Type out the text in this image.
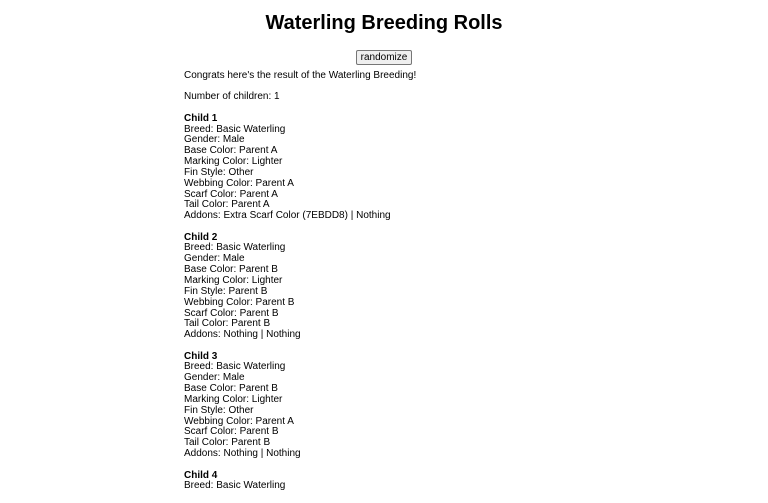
Waterling Breeding Rolls
randomize

Congrats here's the result of the Waterling Breeding!

Number of children: 1

Child 1
Breed: Basic Waterling
Gender: Male
Base Color: Parent A
Marking Color: Lighter
Fin Style: Other
Webbing Color: Parent A
Scarf Color: Parent A
Tail Color: Parent A
Addons: Extra Scarf Color (7EBDD8) | Nothing
Child 2
Breed: Basic Waterling
Gender: Male
Base Color: Parent B
Marking Color: Lighter
Fin Style: Parent B
Webbing Color: Parent B
Scarf Color: Parent B
Tail Color: Parent B
Addons: Nothing | Nothing
Child 3
Breed: Basic Waterling
Gender: Male
Base Color: Parent B
Marking Color: Lighter
Fin Style: Other
Webbing Color: Parent A
Scarf Color: Parent B
Tail Color: Parent B
Addons: Nothing | Nothing
Child 4
Breed: Basic Waterling
